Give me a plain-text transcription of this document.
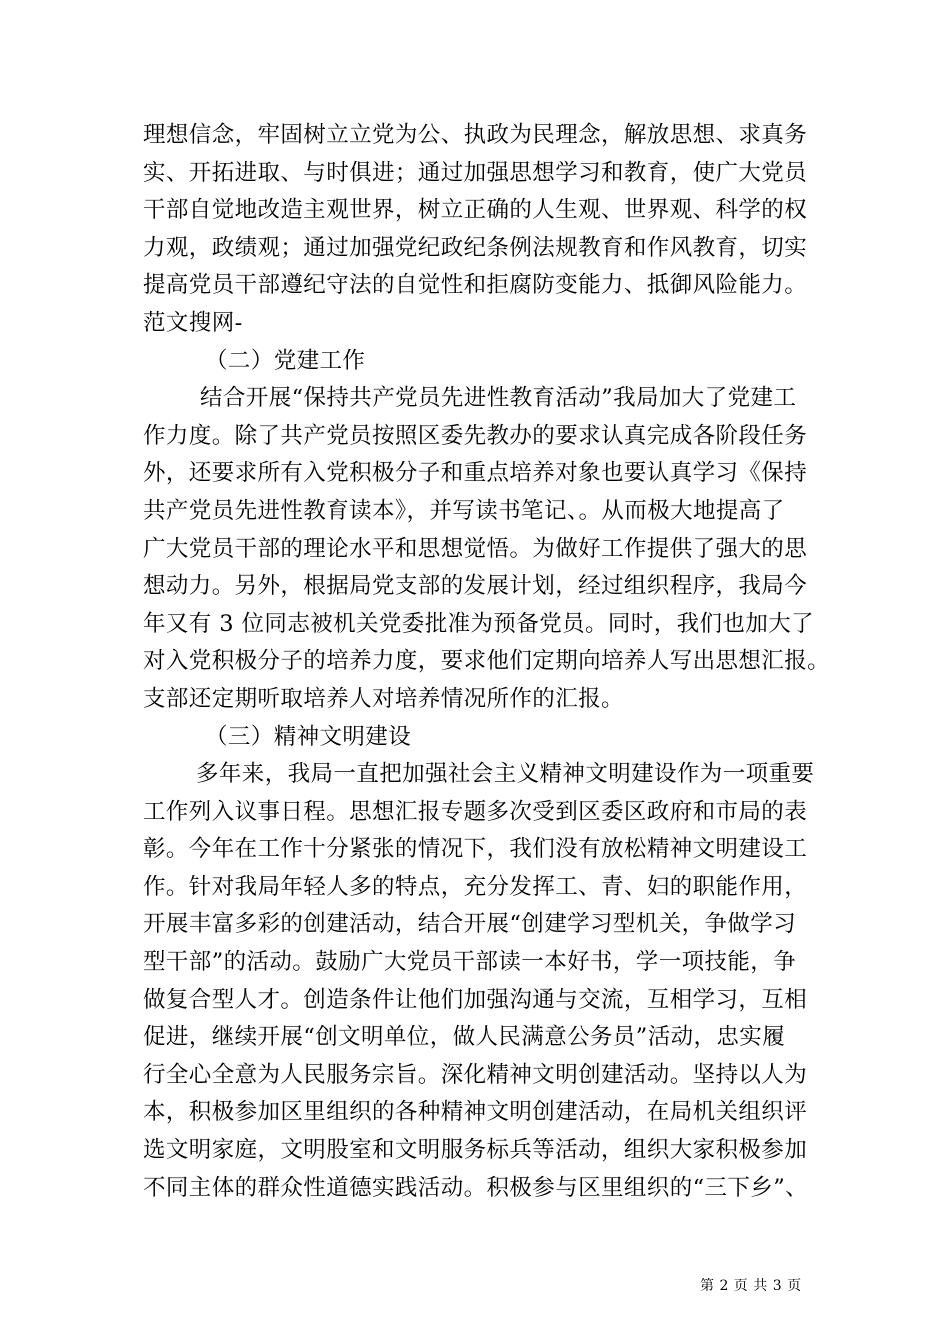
理想信念，牢固树立立党为公、执政为民理念，解放思想、求真务
实、开拓进取、与时俱进；通过加强思想学习和教育，使广大党员
干部自觉地改造主观世界，树立正确的人生观、世界观、科学的权
力观，政绩观；通过加强党纪政纪条例法规教育和作风教育，切实
提高党员干部遵纪守法的自觉性和拒腐防变能力、抵御风险能力。
范文搜网-
（二）党建工作
结合开展“保持共产党员先进性教育活动”我局加大了党建工
作力度。除了共产党员按照区委先教办的要求认真完成各阶段任务
外，还要求所有入党积极分子和重点培养对象也要认真学习《保持
共产党员先进性教育读本》，并写读书笔记、。从而极大地提高了
广大党员干部的理论水平和思想觉悟。为做好工作提供了强大的思
想动力。另外，根据局党支部的发展计划，经过组织程序，我局今
年又有 3 位同志被机关党委批准为预备党员。同时，我们也加大了
对入党积极分子的培养力度，要求他们定期向培养人写出思想汇报。
支部还定期听取培养人对培养情况所作的汇报。
（三）精神文明建设
多年来，我局一直把加强社会主义精神文明建设作为一项重要
工作列入议事日程。思想汇报专题多次受到区委区政府和市局的表
彰。今年在工作十分紧张的情况下，我们没有放松精神文明建设工
作。针对我局年轻人多的特点，充分发挥工、青、妇的职能作用，
开展丰富多彩的创建活动，结合开展“创建学习型机关，争做学习
型干部”的活动。鼓励广大党员干部读一本好书，学一项技能，争
做复合型人才。创造条件让他们加强沟通与交流，互相学习，互相
促进，继续开展“创文明单位，做人民满意公务员”活动，忠实履
行全心全意为人民服务宗旨。深化精神文明创建活动。坚持以人为
本，积极参加区里组织的各种精神文明创建活动，在局机关组织评
选文明家庭，文明股室和文明服务标兵等活动，组织大家积极参加
不同主体的群众性道德实践活动。积极参与区里组织的“三下乡”、
第 2 页 共 3 页
